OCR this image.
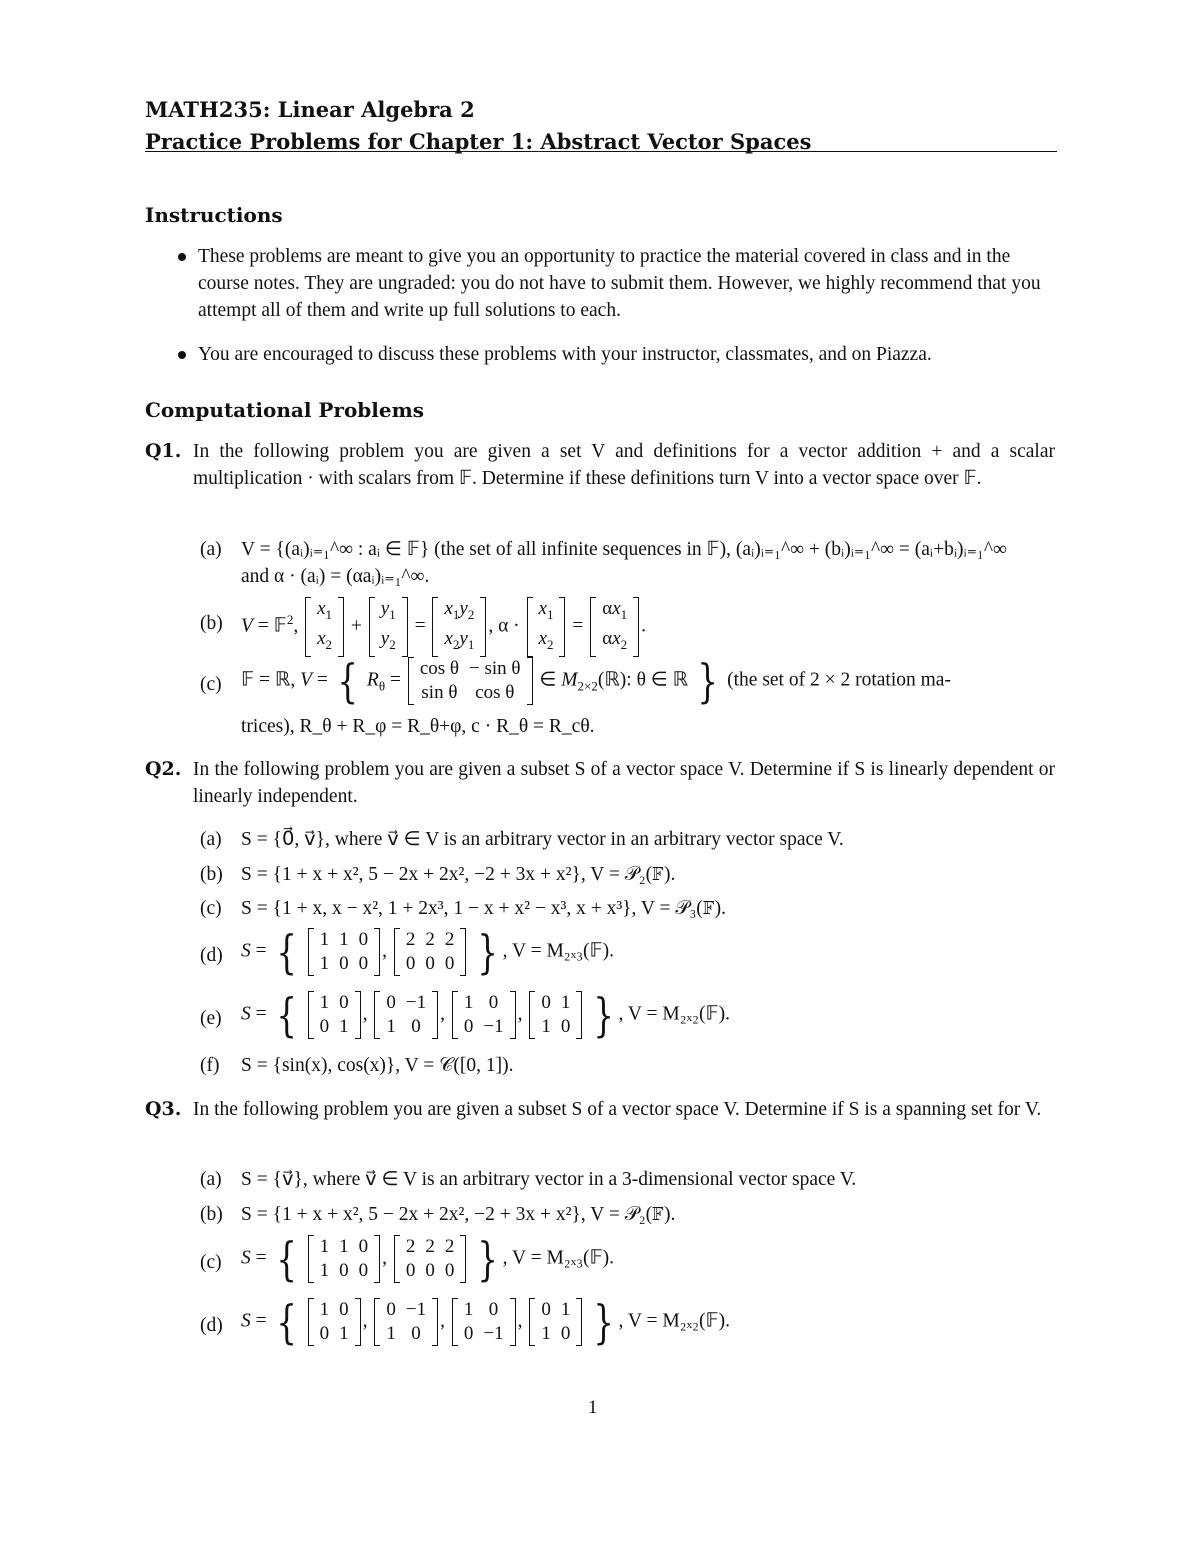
MATH235: Linear Algebra 2
Practice Problems for Chapter 1: Abstract Vector Spaces
Instructions
These problems are meant to give you an opportunity to practice the material covered in class and in the course notes. They are ungraded: you do not have to submit them. However, we highly recommend that you attempt all of them and write up full solutions to each.
You are encouraged to discuss these problems with your instructor, classmates, and on Piazza.
Computational Problems
Q1. In the following problem you are given a set V and definitions for a vector addition + and a scalar multiplication · with scalars from 𝔽. Determine if these definitions turn V into a vector space over 𝔽.
(a) V = {(aᵢ)ᵢ₌₁^∞ : aᵢ ∈ 𝔽} (the set of all infinite sequences in 𝔽), (aᵢ)ᵢ₌₁^∞ + (bᵢ)ᵢ₌₁^∞ = (aᵢ+bᵢ)ᵢ₌₁^∞
and α · (aᵢ) = (αaᵢ)ᵢ₌₁^∞.
(b) V = 𝔽$^2$,
$x_1$
$x_2$
+
$y_1$
$y_2$
=
$x_1y_2$
$x_2y_1$
, α ·
$x_1$
$x_2$
=
$\alpha x_1$
$\alpha x_2$
.
(c) 𝔽 = ℝ, V = { $R_\theta$ =
cos θ	− sin θ
sin θ	cos θ
∈ $M_{2\times 2}(ℝ)$: θ ∈ ℝ } (the set of 2 × 2 rotation ma-
trices), R_θ + R_φ = R_θ+φ, c · R_θ = R_cθ.
Q2. In the following problem you are given a subset S of a vector space V. Determine if S is linearly dependent or linearly independent.
(a) S = {0⃗, v⃗}, where v⃗ ∈ V is an arbitrary vector in an arbitrary vector space V.
(b) S = {1 + x + x², 5 − 2x + 2x², −2 + 3x + x²}, V = 𝒫₂(𝔽).
(c) S = {1 + x, x − x², 1 + 2x³, 1 − x + x² − x³, x + x³}, V = 𝒫₃(𝔽).
(d) S = { 1	1	0
1	0	0
,
2	2	2
0	0	0 } , V = M₂ₓ₃(𝔽).
(e) S = { 1	0
0	1
,
0	−1
1	0
,
1	0
0	−1
,
0	1
1	0 } , V = M₂ₓ₂(𝔽).
(f) S = {sin(x), cos(x)}, V = 𝒞([0, 1]).
Q3. In the following problem you are given a subset S of a vector space V. Determine if S is a spanning set for V.
(a) S = {v⃗}, where v⃗ ∈ V is an arbitrary vector in a 3-dimensional vector space V.
(b) S = {1 + x + x², 5 − 2x + 2x², −2 + 3x + x²}, V = 𝒫₂(𝔽).
(c) S = { 1	1	0
1	0	0
,
2	2	2
0	0	0 } , V = M₂ₓ₃(𝔽).
(d) S = { 1	0
0	1
,
0	−1
1	0
,
1	0
0	−1
,
0	1
1	0 } , V = M₂ₓ₂(𝔽).
1
